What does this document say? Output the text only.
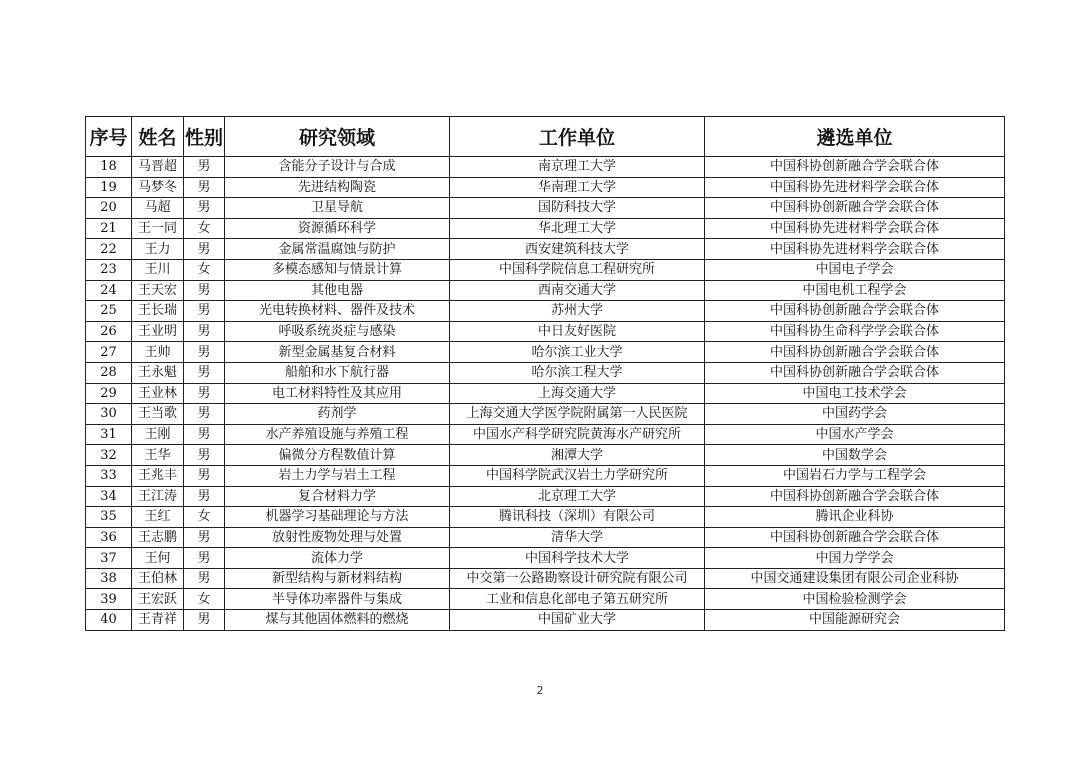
序号	姓名	性别	研究领域	工作单位	遴选单位
18	马晋超	男	含能分子设计与合成	南京理工大学	中国科协创新融合学会联合体
19	马梦冬	男	先进结构陶瓷	华南理工大学	中国科协先进材料学会联合体
20	马超	男	卫星导航	国防科技大学	中国科协创新融合学会联合体
21	王一同	女	资源循环科学	华北理工大学	中国科协先进材料学会联合体
22	王力	男	金属常温腐蚀与防护	西安建筑科技大学	中国科协先进材料学会联合体
23	王川	女	多模态感知与情景计算	中国科学院信息工程研究所	中国电子学会
24	王天宏	男	其他电器	西南交通大学	中国电机工程学会
25	王长瑞	男	光电转换材料、器件及技术	苏州大学	中国科协创新融合学会联合体
26	王业明	男	呼吸系统炎症与感染	中日友好医院	中国科协生命科学学会联合体
27	王帅	男	新型金属基复合材料	哈尔滨工业大学	中国科协创新融合学会联合体
28	王永魁	男	船舶和水下航行器	哈尔滨工程大学	中国科协创新融合学会联合体
29	王业林	男	电工材料特性及其应用	上海交通大学	中国电工技术学会
30	王当歌	男	药剂学	上海交通大学医学院附属第一人民医院	中国药学会
31	王刚	男	水产养殖设施与养殖工程	中国水产科学研究院黄海水产研究所	中国水产学会
32	王华	男	偏微分方程数值计算	湘潭大学	中国数学会
33	王兆丰	男	岩土力学与岩土工程	中国科学院武汉岩土力学研究所	中国岩石力学与工程学会
34	王江涛	男	复合材料力学	北京理工大学	中国科协创新融合学会联合体
35	王红	女	机器学习基础理论与方法	腾讯科技（深圳）有限公司	腾讯企业科协
36	王志鹏	男	放射性废物处理与处置	清华大学	中国科协创新融合学会联合体
37	王何	男	流体力学	中国科学技术大学	中国力学学会
38	王伯林	男	新型结构与新材料结构	中交第一公路勘察设计研究院有限公司	中国交通建设集团有限公司企业科协
39	王宏跃	女	半导体功率器件与集成	工业和信息化部电子第五研究所	中国检验检测学会
40	王青祥	男	煤与其他固体燃料的燃烧	中国矿业大学	中国能源研究会
2
